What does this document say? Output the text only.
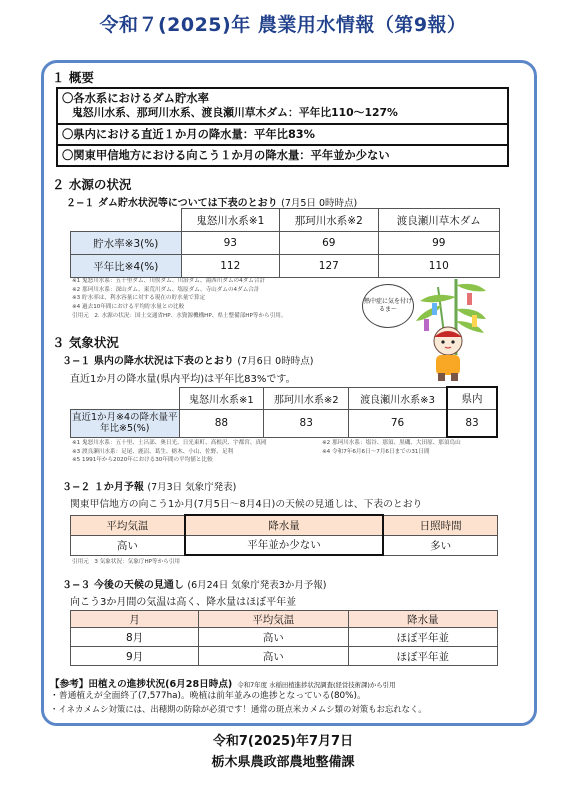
令和７(2025)年 農業用水情報（第9報）
１ 概要
〇各水系におけるダム貯水率
鬼怒川水系、那珂川水系、渡良瀬川草木ダム：平年比110～127%
〇県内における直近１か月の降水量：平年比83%
〇関東甲信地方における向こう１か月の降水量：平年並か少ない
２ 水源の状況
２−１ ダム貯水状況等については下表のとおり (7月5日 0時時点)
	鬼怒川水系※1	那珂川水系※2	渡良瀬川草木ダム
貯水率※3(%)	93	69	99
平年比※4(%)	112	127	110
※1 鬼怒川水系：五十里ダム、川俣ダム、川治ダム、湯西川ダムの4ダム合計
※2 那珂川水系：深山ダム、東荒川ダム、塩原ダム、寺山ダムの4ダム合計
※3 貯水率は、利水容量に対する現在の貯水量で算定
※4 過去10年間における平均貯水量との比較
引用元　2. 水源の状況：国土交通省HP、水資源機構HP、県土整備部HP等から引用。
熱中症に気を付けるま～
３ 気象状況
３−１ 県内の降水状況は下表のとおり (7月6日 0時時点)
直近1か月の降水量(県内平均)は平年比83%です。
	鬼怒川水系※1	那珂川水系※2	渡良瀬川水系※3	県内
直近1か月※4の降水量平年比※5(%)	88	83	76	83
※1 鬼怒川水系：五十里、土呂部、奥日光、日光東町、高根沢、宇都宮、真岡
※3 渡良瀬川水系：足尾、鹿沼、葛生、栃木、小山、佐野、足利
※5 1991年から2020年における30年間の平均値と比較
※2 那珂川水系：塩谷、那須、黒磯、大田原、那須烏山
※4 令和7年6月6日～7月6日までの31日間
３−２ １か月予報 (7月3日 気象庁発表)
関東甲信地方の向こう1か月(7月5日～8月4日)の天候の見通しは、下表のとおり
平均気温	降水量	日照時間
高い	平年並か少ない	多い
引用元　3 気象状況：気象庁HP等から引用
３−３ 今後の天候の見通し (6月24日 気象庁発表3か月予報)
向こう3か月間の気温は高く、降水量はほぼ平年並
月	平均気温	降水量
8月	高い	ほぼ平年並
9月	高い	ほぼ平年並
【参考】田植えの進捗状況(6月28日時点) 令和7年度 水稲田植進捗状況調査(経営技術課)から引用
・普通植えが全面終了(7,577ha)。晩植は前年並みの進捗となっている(80%)。
・イネカメムシ対策には、出穂期の防除が必須です！通常の斑点米カメムシ類の対策もお忘れなく。
令和7(2025)年7月7日
栃木県農政部農地整備課
